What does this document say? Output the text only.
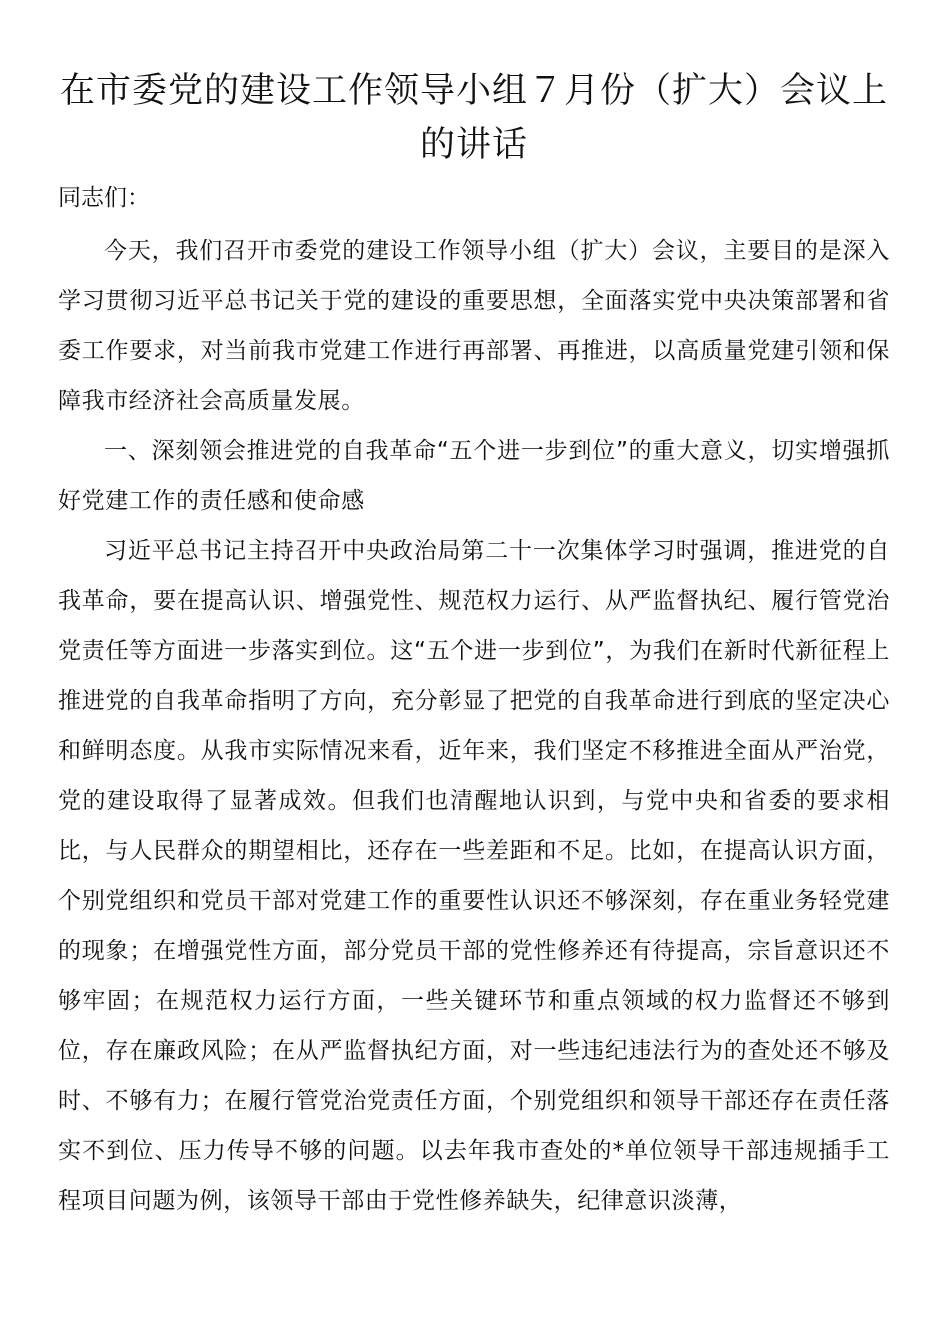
在市委党的建设工作领导小组７月份（扩大）会议上的讲话

同志们：

今天，我们召开市委党的建设工作领导小组（扩大）会议，主要目的是深入学习贯彻习近平总书记关于党的建设的重要思想，全面落实党中央决策部署和省委工作要求，对当前我市党建工作进行再部署、再推进，以高质量党建引领和保障我市经济社会高质量发展。

一、深刻领会推进党的自我革命“五个进一步到位”的重大意义，切实增强抓好党建工作的责任感和使命感

习近平总书记主持召开中央政治局第二十一次集体学习时强调，推进党的自我革命，要在提高认识、增强党性、规范权力运行、从严监督执纪、履行管党治党责任等方面进一步落实到位。这“五个进一步到位”，为我们在新时代新征程上推进党的自我革命指明了方向，充分彰显了把党的自我革命进行到底的坚定决心和鲜明态度。从我市实际情况来看，近年来，我们坚定不移推进全面从严治党，党的建设取得了显著成效。但我们也清醒地认识到，与党中央和省委的要求相比，与人民群众的期望相比，还存在一些差距和不足。比如，在提高认识方面，个别党组织和党员干部对党建工作的重要性认识还不够深刻，存在重业务轻党建的现象；在增强党性方面，部分党员干部的党性修养还有待提高，宗旨意识还不够牢固；在规范权力运行方面，一些关键环节和重点领域的权力监督还不够到位，存在廉政风险；在从严监督执纪方面，对一些违纪违法行为的查处还不够及时、不够有力；在履行管党治党责任方面，个别党组织和领导干部还存在责任落实不到位、压力传导不够的问题。以去年我市查处的*单位领导干部违规插手工程项目问题为例，该领导干部由于党性修养缺失，纪律意识淡薄，
